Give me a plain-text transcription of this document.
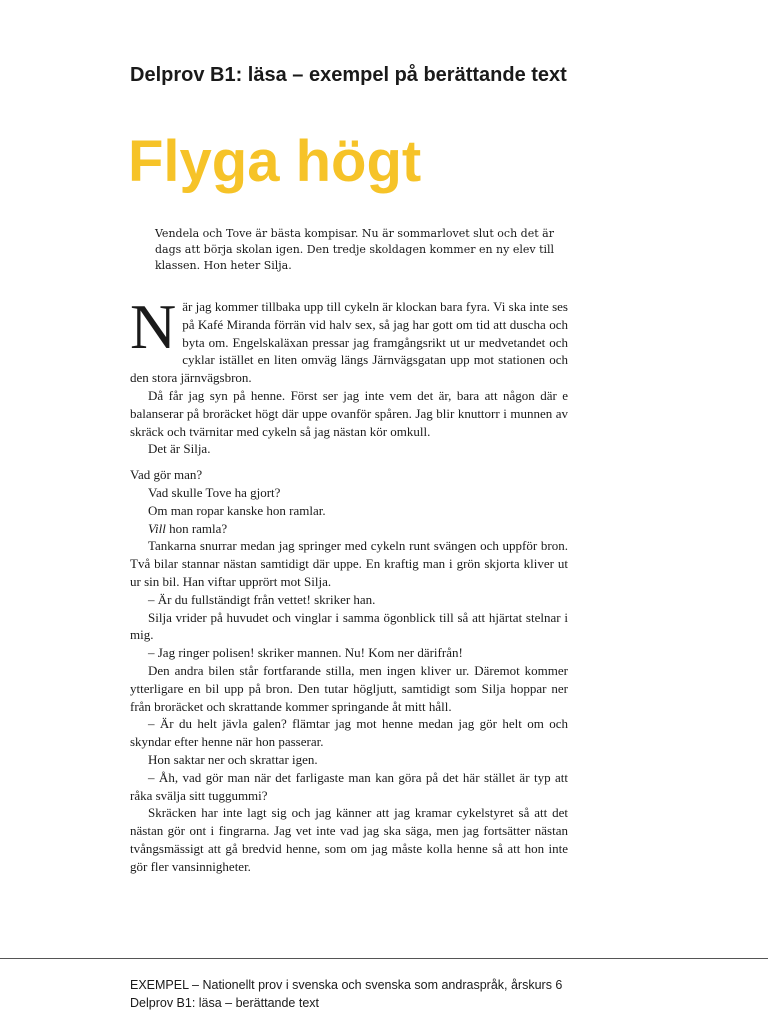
Delprov B1: läsa – exempel på berättande text
Flyga högt

Vendela och Tove är bästa kompisar. Nu är sommarlovet slut och det är dags att börja skolan igen. Den tredje skoldagen kommer en ny elev till klassen. Hon heter Silja.

När jag kommer tillbaka upp till cykeln är klockan bara fyra. Vi ska inte ses på Kafé Miranda förrän vid halv sex, så jag har gott om tid att duscha och byta om. Engelskaläxan pressar jag framgångsrikt ut ur medvetandet och cyklar istället en liten omväg längs Järnvägsgatan upp mot stationen och den stora järnvägsbron.

Då får jag syn på henne. Först ser jag inte vem det är, bara att någon där e balanserar på broräcket högt där uppe ovanför spåren. Jag blir knuttorr i munnen av skräck och tvärnitar med cykeln så jag nästan kör omkull.

Det är Silja.

Vad gör man?

Vad skulle Tove ha gjort?

Om man ropar kanske hon ramlar.

Vill hon ramla?

Tankarna snurrar medan jag springer med cykeln runt svängen och uppför bron. Två bilar stannar nästan samtidigt där uppe. En kraftig man i grön skjorta kliver ut ur sin bil. Han viftar upprört mot Silja.

– Är du fullständigt från vettet! skriker han.

Silja vrider på huvudet och vinglar i samma ögonblick till så att hjärtat stelnar i mig.

– Jag ringer polisen! skriker mannen. Nu! Kom ner därifrån!

Den andra bilen står fortfarande stilla, men ingen kliver ur. Däremot kommer ytterligare en bil upp på bron. Den tutar högljutt, samtidigt som Silja hoppar ner från broräcket och skrattande kommer springande åt mitt håll.

– Är du helt jävla galen? flämtar jag mot henne medan jag gör helt om och skyndar efter henne när hon passerar.

Hon saktar ner och skrattar igen.

– Åh, vad gör man när det farligaste man kan göra på det här stället är typ att råka svälja sitt tuggummi?

Skräcken har inte lagt sig och jag känner att jag kramar cykelstyret så att det nästan gör ont i fingrarna. Jag vet inte vad jag ska säga, men jag fortsätter nästan tvångsmässigt att gå bredvid henne, som om jag måste kolla henne så att hon inte gör fler vansinnigheter.

EXEMPEL – Nationellt prov i svenska och svenska som andraspråk, årskurs 6
Delprov B1: läsa – berättande text
